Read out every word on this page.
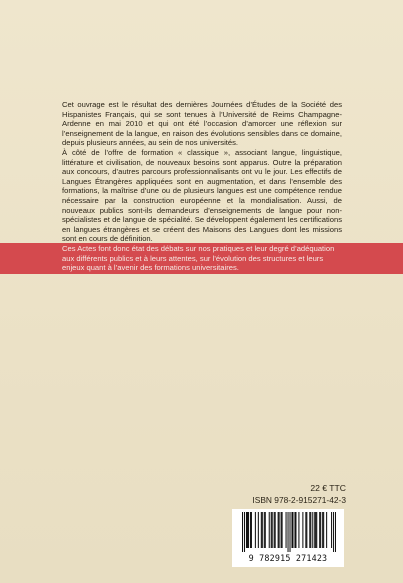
Cet ouvrage est le résultat des dernières Journées d’Études de la Société des Hispanistes Français, qui se sont tenues à l’Université de Reims Champagne-Ardenne en mai 2010 et qui ont été l’occasion d’amorcer une réflexion sur l’enseignement de la langue, en raison des évolutions sensibles dans ce domaine, depuis plusieurs années, au sein de nos universités.

À côté de l’offre de formation « classique », associant langue, linguistique, littérature et civilisation, de nouveaux besoins sont apparus. Outre la préparation aux concours, d’autres parcours professionnalisants ont vu le jour. Les effectifs de Langues Étrangères appliquées sont en augmentation, et dans l’ensemble des formations, la maîtrise d’une ou de plusieurs langues est une compétence rendue nécessaire par la construction européenne et la mondialisation. Aussi, de nouveaux publics sont-ils demandeurs d’enseignements de langue pour non-spécialistes et de langue de spécialité. Se développent également les certifications en langues étrangères et se créent des Maisons des Langues dont les missions sont en cours de définition.

Ces Actes font donc état des débats sur nos pratiques et leur degré d’adéquation aux différents publics et à leurs attentes, sur l’évolution des structures et leurs enjeux quant à l’avenir des formations universitaires.
22 € TTC
ISBN 978-2-915271-42-3
9 782915 271423
